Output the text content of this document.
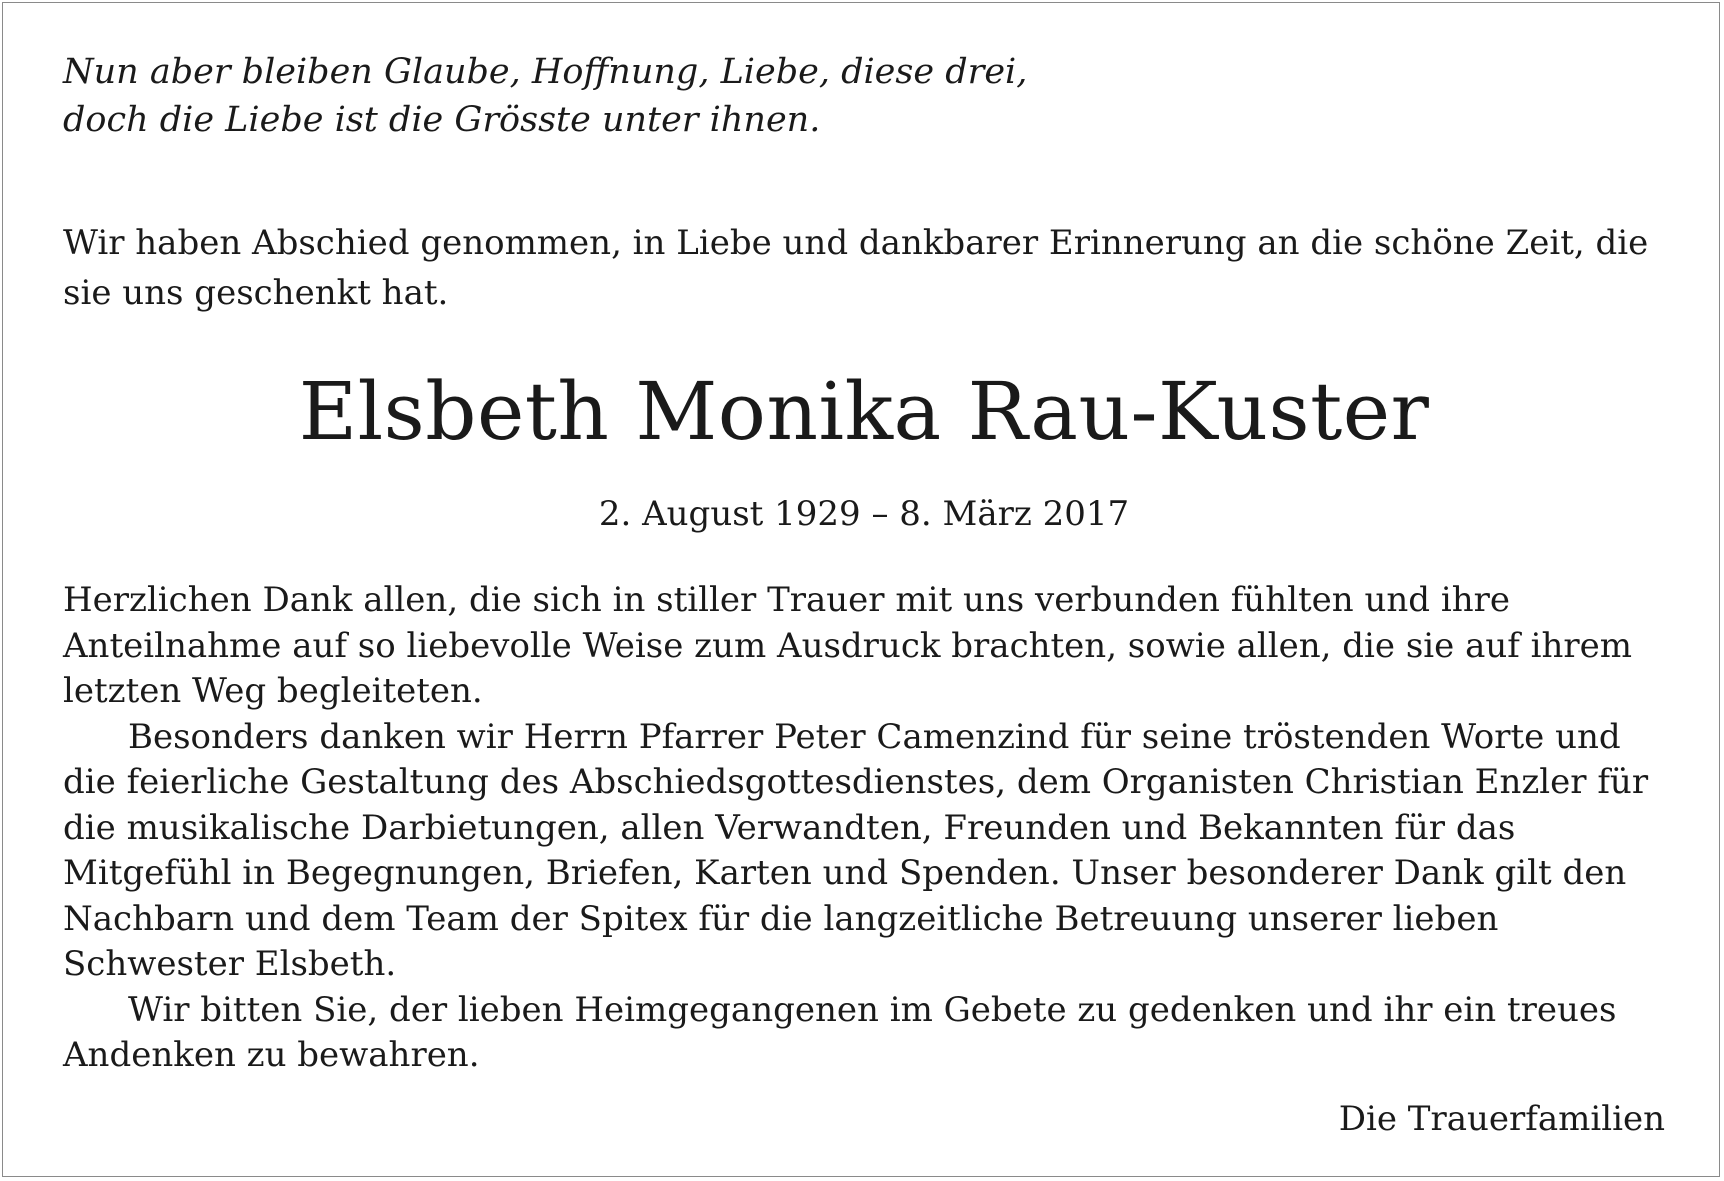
Nun aber bleiben Glaube, Hoffnung, Liebe, diese drei,
doch die Liebe ist die Grösste unter ihnen.

Wir haben Abschied genommen, in Liebe und dankbarer Erinnerung an die schöne Zeit, die sie uns geschenkt hat.

Elsbeth Monika Rau-Kuster

2. August 1929 – 8. März 2017

Herzlichen Dank allen, die sich in stiller Trauer mit uns verbunden fühlten und ihre Anteilnahme auf so liebevolle Weise zum Ausdruck brachten, sowie allen, die sie auf ihrem letzten Weg begleiteten.

Besonders danken wir Herrn Pfarrer Peter Camenzind für seine tröstenden Worte und die feierliche Gestaltung des Abschiedsgottesdienstes, dem Organisten Christian Enzler für die musikalische Darbietungen, allen Verwandten, Freunden und Bekannten für das Mitgefühl in Begegnungen, Briefen, Karten und Spenden. Unser besonderer Dank gilt den Nachbarn und dem Team der Spitex für die langzeitliche Betreuung unserer lieben Schwester Elsbeth.

Wir bitten Sie, der lieben Heimgegangenen im Gebete zu gedenken und ihr ein treues Andenken zu bewahren.

Die Trauerfamilien
